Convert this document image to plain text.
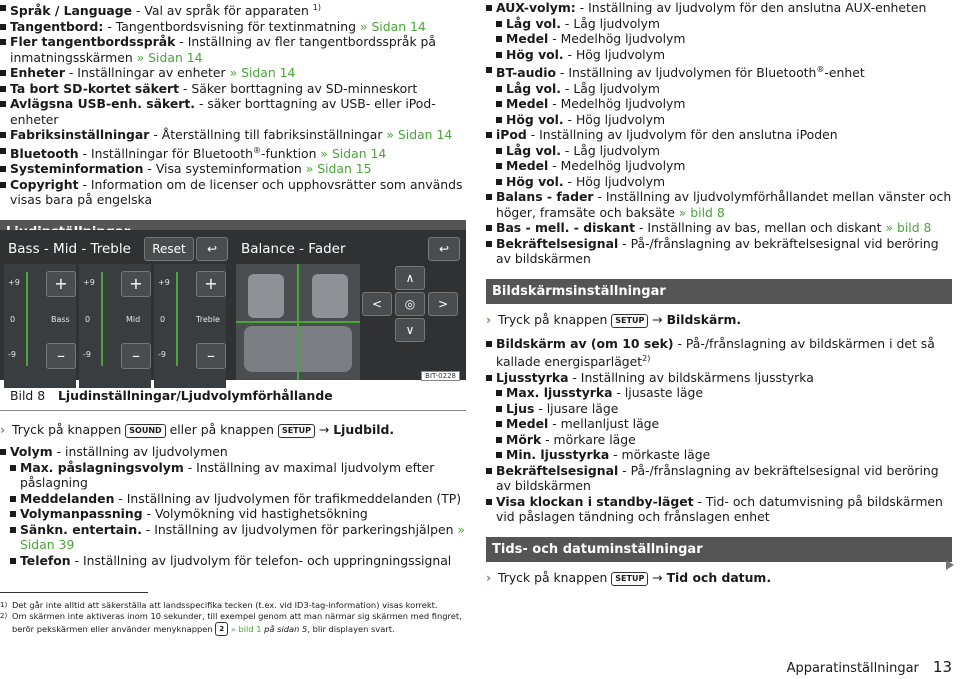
Språk / Language - Val av språk för apparaten $^{1)}$
Tangentbord: - Tangentbordsvisning för textinmatning » Sidan 14
Fler tangentbordsspråk - Inställning av fler tangentbordsspråk på inmatningsskärmen » Sidan 14
Enheter - Inställningar av enheter » Sidan 14
Ta bort SD-kortet säkert - Säker borttagning av SD-minneskort
Avlägsna USB-enh. säkert. - säker borttagning av USB- eller iPod-enheter
Fabriksinställningar - Återställning till fabriksinställningar » Sidan 14
Bluetooth - Inställningar för Bluetooth®-funktion » Sidan 14
Systeminformation - Visa systeminformation » Sidan 15
Copyright - Information om de licenser och upphovsrätter som används visas bara på engelska
Bass - Mid - Treble	Reset	↩	Balance - Fader	↩
+9	+9	+9
0	0	0
Bass	Mid	Treble
-9	-9	-9
+	+	+
–	–	–
∧
<	◎	>
∨
BIT-0228
Bild 8 Ljudinställningar/Ljudvolymförhållande
› Tryck på knappen SOUND eller på knappen SETUP → Ljudbild.
Volym - inställning av ljudvolymen
Max. påslagningsvolym - Inställning av maximal ljudvolym efter påslagning
Meddelanden - Inställning av ljudvolymen för trafikmeddelanden (TP)
Volymanpassning - Volymökning vid hastighetsökning
Sänkn. entertain. - Inställning av ljudvolymen för parkeringshjälpen » Sidan 39
Telefon - Inställning av ljudvolym för telefon- och uppringningssignal
AUX-volym: - Inställning av ljudvolym för den anslutna AUX-enheten
Låg vol. - Låg ljudvolym
Medel - Medelhög ljudvolym
Hög vol. - Hög ljudvolym
BT-audio - Inställning av ljudvolymen för Bluetooth®-enhet
Låg vol. - Låg ljudvolym
Medel - Medelhög ljudvolym
Hög vol. - Hög ljudvolym
iPod - Inställning av ljudvolym för den anslutna iPoden
Låg vol. - Låg ljudvolym
Medel - Medelhög ljudvolym
Hög vol. - Hög ljudvolym
Balans - fader - Inställning av ljudvolymförhållandet mellan vänster och höger, framsäte och baksäte » bild 8
Bas - mell. - diskant - Inställning av bas, mellan och diskant » bild 8
Bekräftelsesignal - På-/frånslagning av bekräftelsesignal vid beröring av bildskärmen
Bildskärmsinställningar
› Tryck på knappen SETUP → Bildskärm.
Bildskärm av (om 10 sek) - På-/frånslagning av bildskärmen i det så kallade energisparläget$^{2)}$
Ljusstyrka - Inställning av bildskärmens ljusstyrka
Max. ljusstyrka - ljusaste läge
Ljus - ljusare läge
Medel - mellanljust läge
Mörk - mörkare läge
Min. ljusstyrka - mörkaste läge
Bekräftelsesignal - På-/frånslagning av bekräftelsesignal vid beröring av bildskärmen
Visa klockan i standby-läget - Tid- och datumvisning på bildskärmen vid påslagen tändning och frånslagen enhet
Tids- och datuminställningar
› Tryck på knappen SETUP → Tid och datum.
1) Det går inte alltid att säkerställa att landsspecifika tecken (t.ex. vid ID3-tag-information) visas korrekt.
2) Om skärmen inte aktiveras inom 10 sekunder, till exempel genom att man närmar sig skärmen med fingret, berör pekskärmen eller använder menyknappen 2 » bild 1 på sidan 5, blir displayen svart.
Apparatinställningar 13
